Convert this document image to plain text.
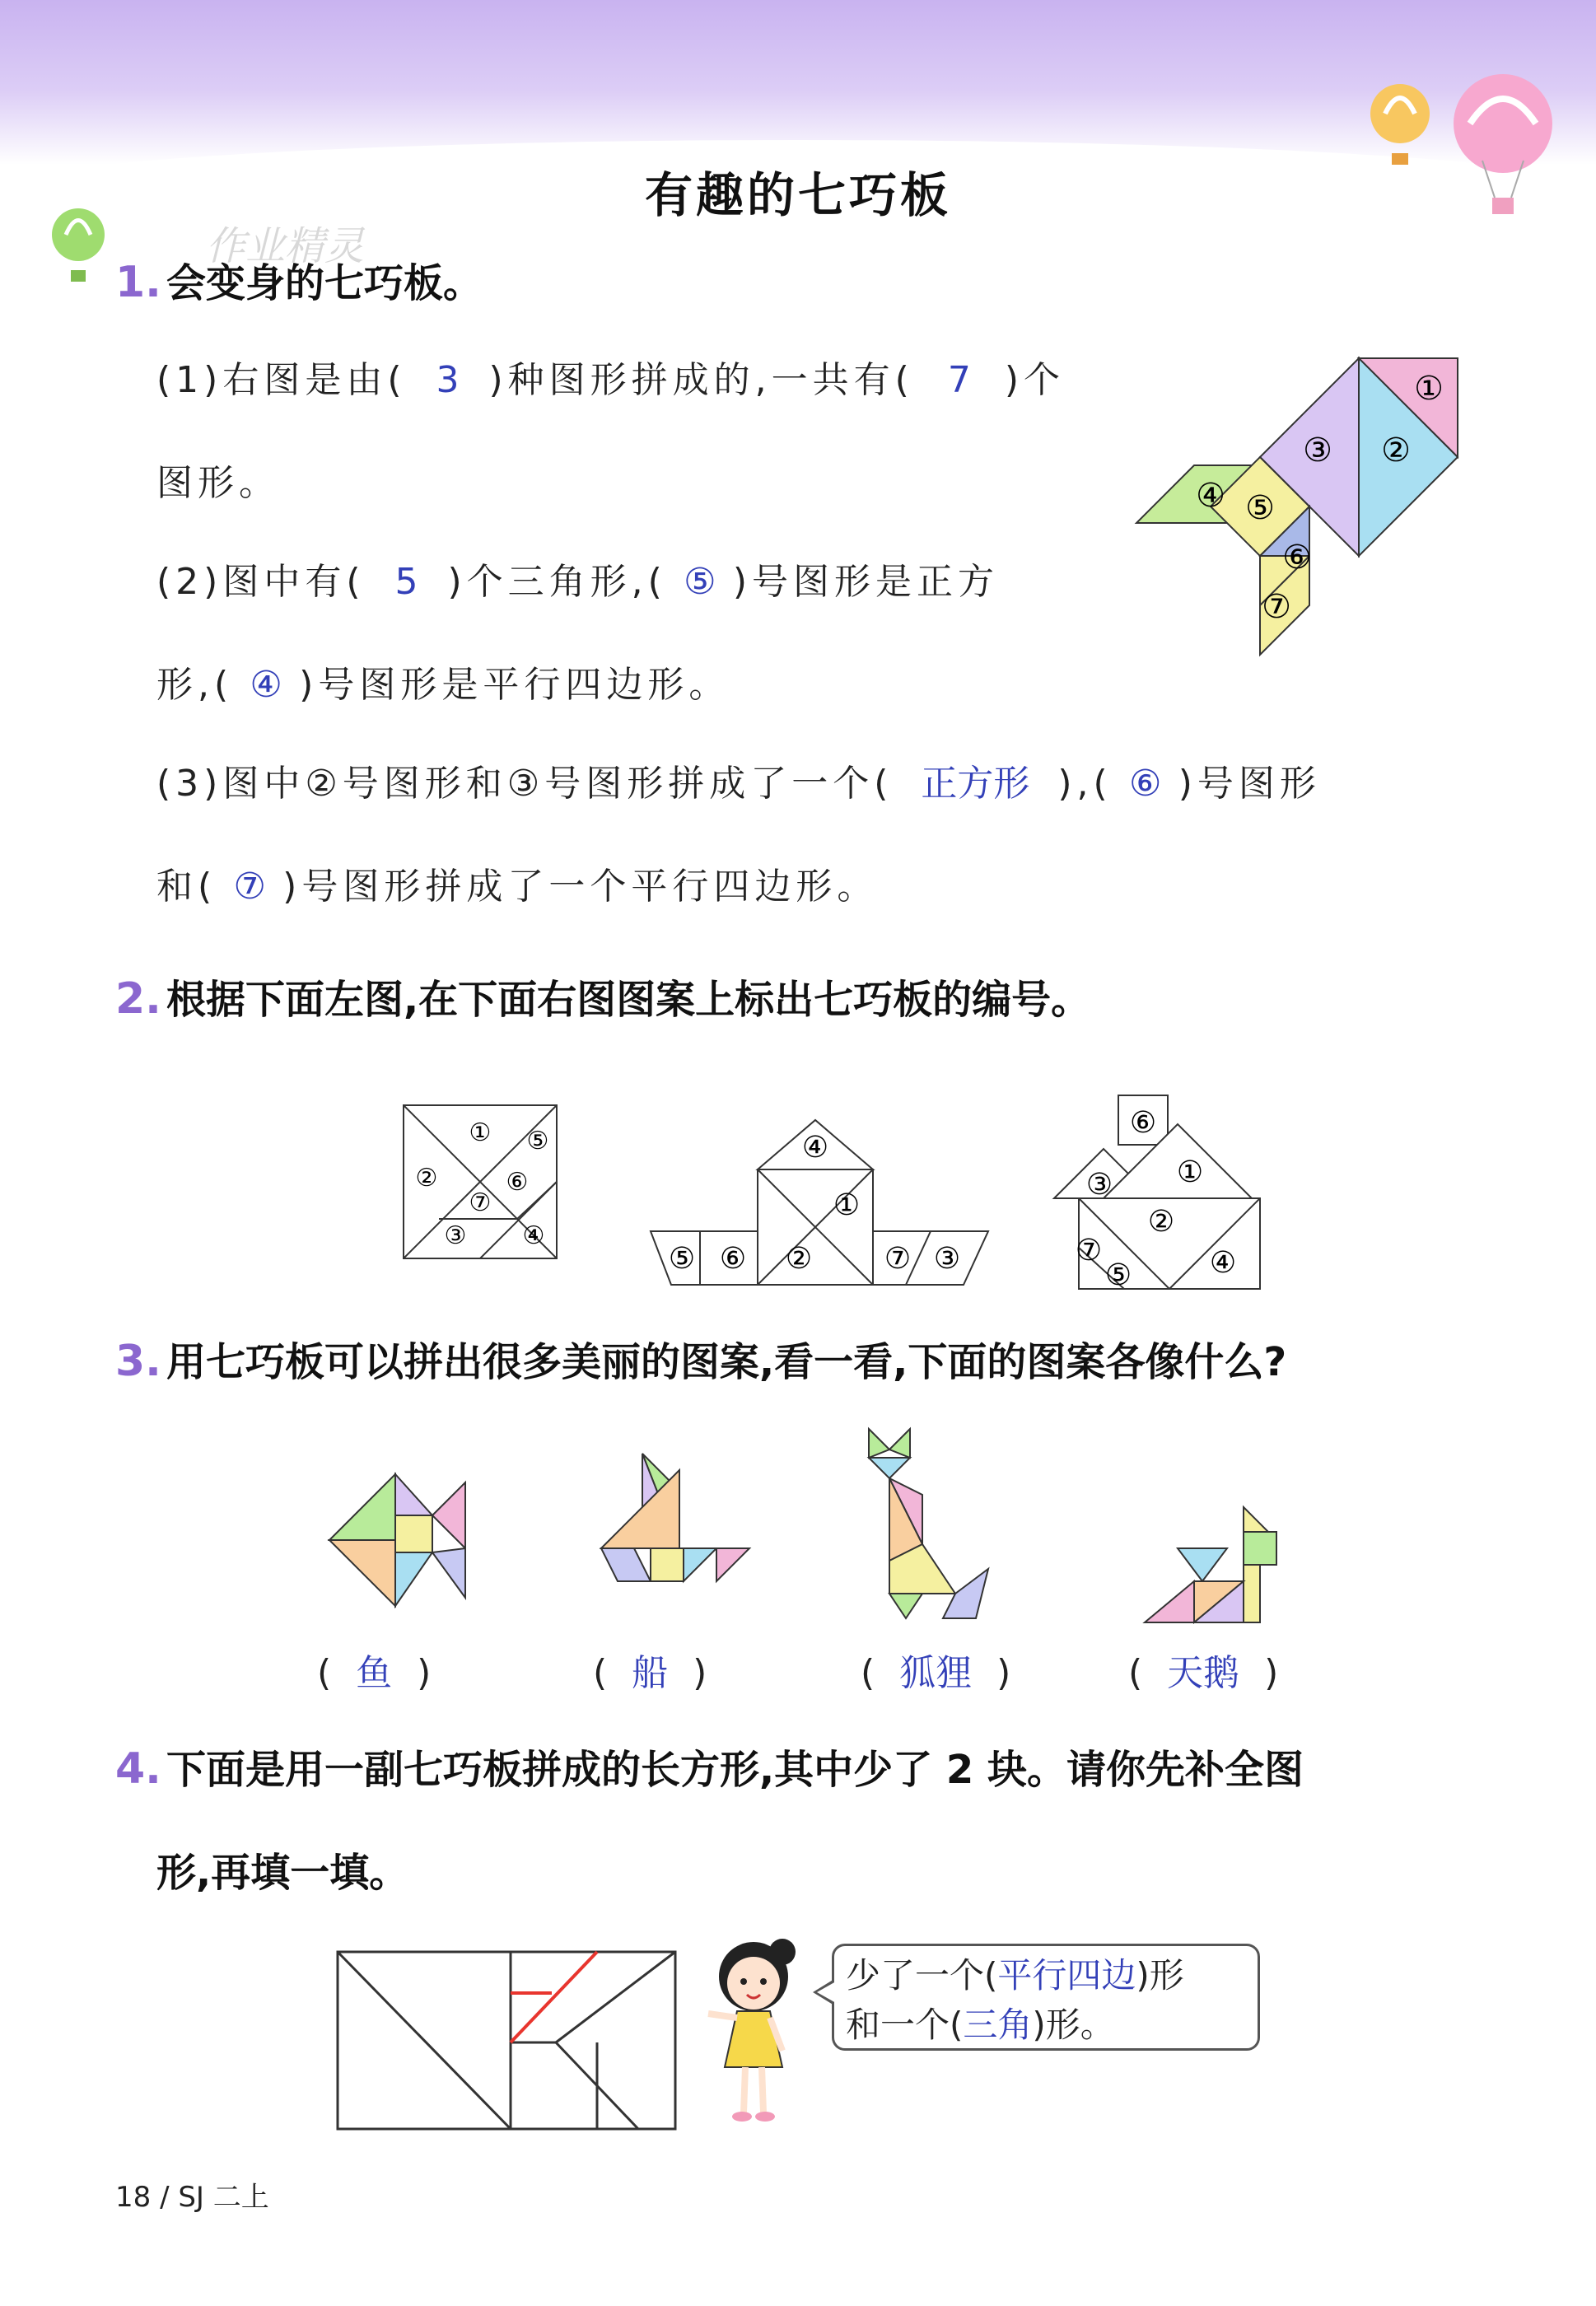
作业精灵
有趣的七巧板
1. 会变身的七巧板。
(1)右图是由( 3 )种图形拼成的,一共有( 7 )个
图形。
(2)图中有( 5 )个三角形,( ⑤ )号图形是正方
形,( ④ )号图形是平行四边形。
(3)图中②号图形和③号图形拼成了一个( 正方形 ),( ⑥ )号图形
和( ⑦ )号图形拼成了一个平行四边形。
①
②
③
④ ⑤
⑥
⑦
2. 根据下面左图,在下面右图图案上标出七巧板的编号。
①
②
③ ④
⑤
⑥
⑦
④
①
②
⑤ ⑥	⑦ ③
⑥
③ ①
②
⑦
⑤	④
3. 用七巧板可以拼出很多美丽的图案,看一看,下面的图案各像什么?
( 鱼 )	( 船 )	( 狐狸 )	( 天鹅 )
4. 下面是用一副七巧板拼成的长方形,其中少了 2 块。请你先补全图
形,再填一填。
少了一个(平行四边)形
和一个(三角)形。
18 / SJ 二上
